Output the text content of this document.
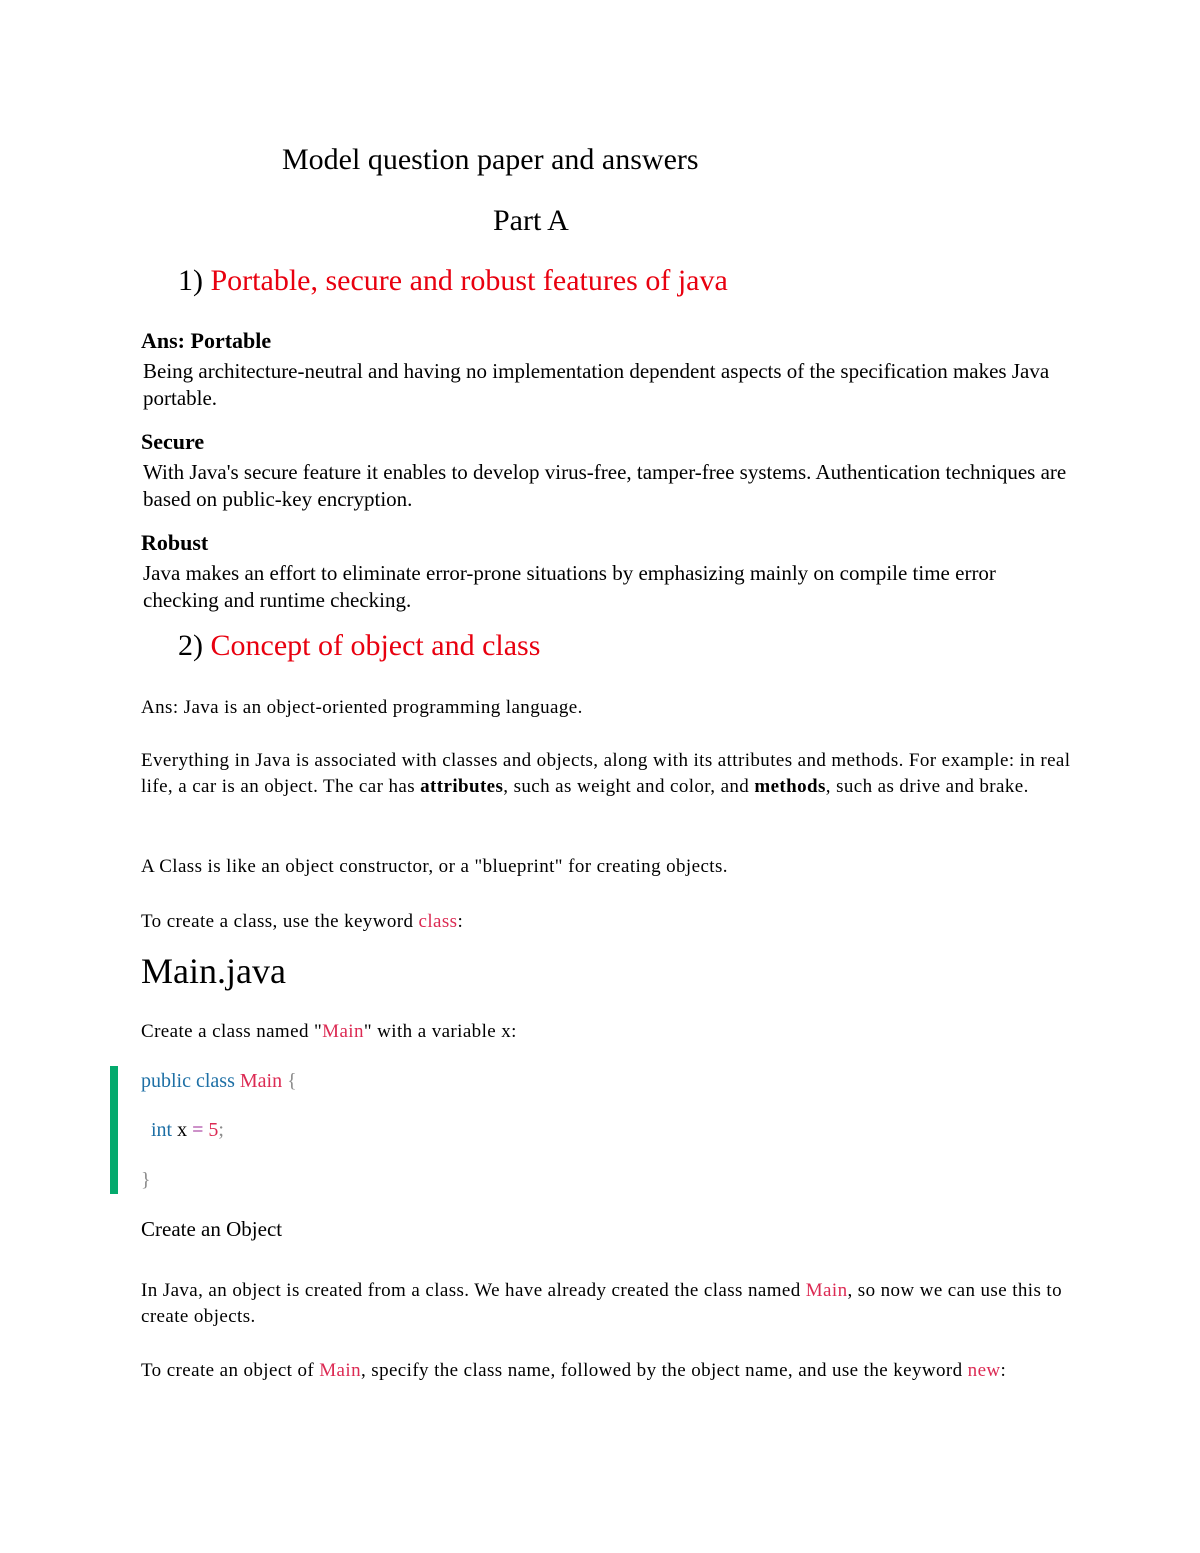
Model question paper and answers
Part A
1) Portable, secure and robust features of java
Ans: Portable
Being architecture-neutral and having no implementation dependent aspects of the specification makes Java portable.
Secure
With Java's secure feature it enables to develop virus-free, tamper-free systems. Authentication techniques are based on public-key encryption.
Robust
Java makes an effort to eliminate error-prone situations by emphasizing mainly on compile time error checking and runtime checking.
2) Concept of object and class
Ans: Java is an object-oriented programming language.
Everything in Java is associated with classes and objects, along with its attributes and methods. For example: in real life, a car is an object. The car has attributes, such as weight and color, and methods, such as drive and brake.
A Class is like an object constructor, or a "blueprint" for creating objects.
To create a class, use the keyword class:
Main.java
Create a class named "Main" with a variable x:
public class Main {
int x = 5;
}
Create an Object
In Java, an object is created from a class. We have already created the class named Main, so now we can use this to create objects.
To create an object of Main, specify the class name, followed by the object name, and use the keyword new:
